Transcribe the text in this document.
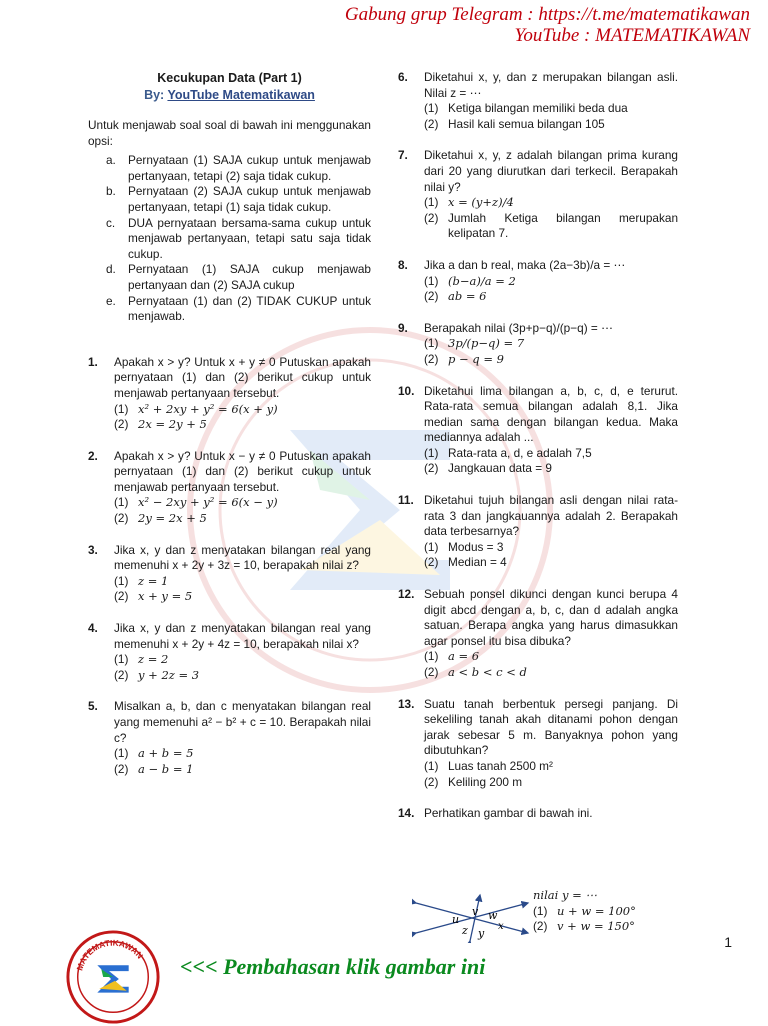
Gabung grup Telegram : https://t.me/matematikawan
YouTube : MATEMATIKAWAN
Kecukupan Data (Part 1)
By: YouTube Matematikawan
Untuk menjawab soal soal di bawah ini menggunakan opsi:
a.	Pernyataan (1) SAJA cukup untuk menjawab pertanyaan, tetapi (2) saja tidak cukup.
b.	Pernyataan (2) SAJA cukup untuk menjawab pertanyaan, tetapi (1) saja tidak cukup.
c.	DUA pernyataan bersama-sama cukup untuk menjawab pertanyaan, tetapi satu saja tidak cukup.
d.	Pernyataan (1) SAJA cukup menjawab pertanyaan dan (2) SAJA cukup
e.	Pernyataan (1) dan (2) TIDAK CUKUP untuk menjawab.
1.	Apakah x > y? Untuk x + y ≠ 0 Putuskan apakah pernyataan (1) dan (2) berikut cukup untuk menjawab pertanyaan tersebut.
(1) x² + 2xy + y² = 6(x + y)
(2) 2x = 2y + 5
2.	Apakah x > y? Untuk x − y ≠ 0 Putuskan apakah pernyataan (1) dan (2) berikut cukup untuk menjawab pertanyaan tersebut.
(1) x² − 2xy + y² = 6(x − y)
(2) 2y = 2x + 5
3.	Jika x, y dan z menyatakan bilangan real yang memenuhi x + 2y + 3z = 10, berapakah nilai z?
(1) z = 1
(2) x + y = 5
4.	Jika x, y dan z menyatakan bilangan real yang memenuhi x + 2y + 4z = 10, berapakah nilai x?
(1) z = 2
(2) y + 2z = 3
5.	Misalkan a, b, dan c menyatakan bilangan real yang memenuhi a² − b² + c = 10. Berapakah nilai c?
(1) a + b = 5
(2) a − b = 1
6.	Diketahui x, y, dan z merupakan bilangan asli. Nilai z = ⋯
(1) Ketiga bilangan memiliki beda dua
(2) Hasil kali semua bilangan 105
7.	Diketahui x, y, z adalah bilangan prima kurang dari 20 yang diurutkan dari terkecil. Berapakah nilai y?
(1) x = (y+z)/4
(2) Jumlah Ketiga bilangan merupakan kelipatan 7.
8.	Jika a dan b real, maka (2a−3b)/a = ⋯
(1) (b−a)/a = 2
(2) ab = 6
9.	Berapakah nilai (3p+p−q)/(p−q) = ⋯
(1) 3p/(p−q) = 7
(2) p − q = 9
10. Diketahui lima bilangan a, b, c, d, e terurut. Rata-rata semua bilangan adalah 8,1. Jika median sama dengan bilangan kedua. Maka mediannya adalah ...
(1) Rata-rata a, d, e adalah 7,5
(2) Jangkauan data = 9
11. Diketahui tujuh bilangan asli dengan nilai rata-rata 3 dan jangkauannya adalah 2. Berapakah data terbesarnya?
(1) Modus = 3
(2) Median = 4
12. Sebuah ponsel dikunci dengan kunci berupa 4 digit abcd dengan a, b, c, dan d adalah angka satuan. Berapa angka yang harus dimasukkan agar ponsel itu bisa dibuka?
(1) a = 6
(2) a < b < c < d
13. Suatu tanah berbentuk persegi panjang. Di sekeliling tanah akah ditanami pohon dengan jarak sebesar 5 m. Banyaknya pohon yang dibutuhkan?
(1) Luas tanah 2500 m²
(2) Keliling 200 m
14. Perhatikan gambar di bawah ini.
u
v w
x
z y
nilai y = ⋯
(1) u + w = 100°
(2) v + w = 150°
1
MATEMATIKAWAN <<< Pembahasan klik gambar ini
